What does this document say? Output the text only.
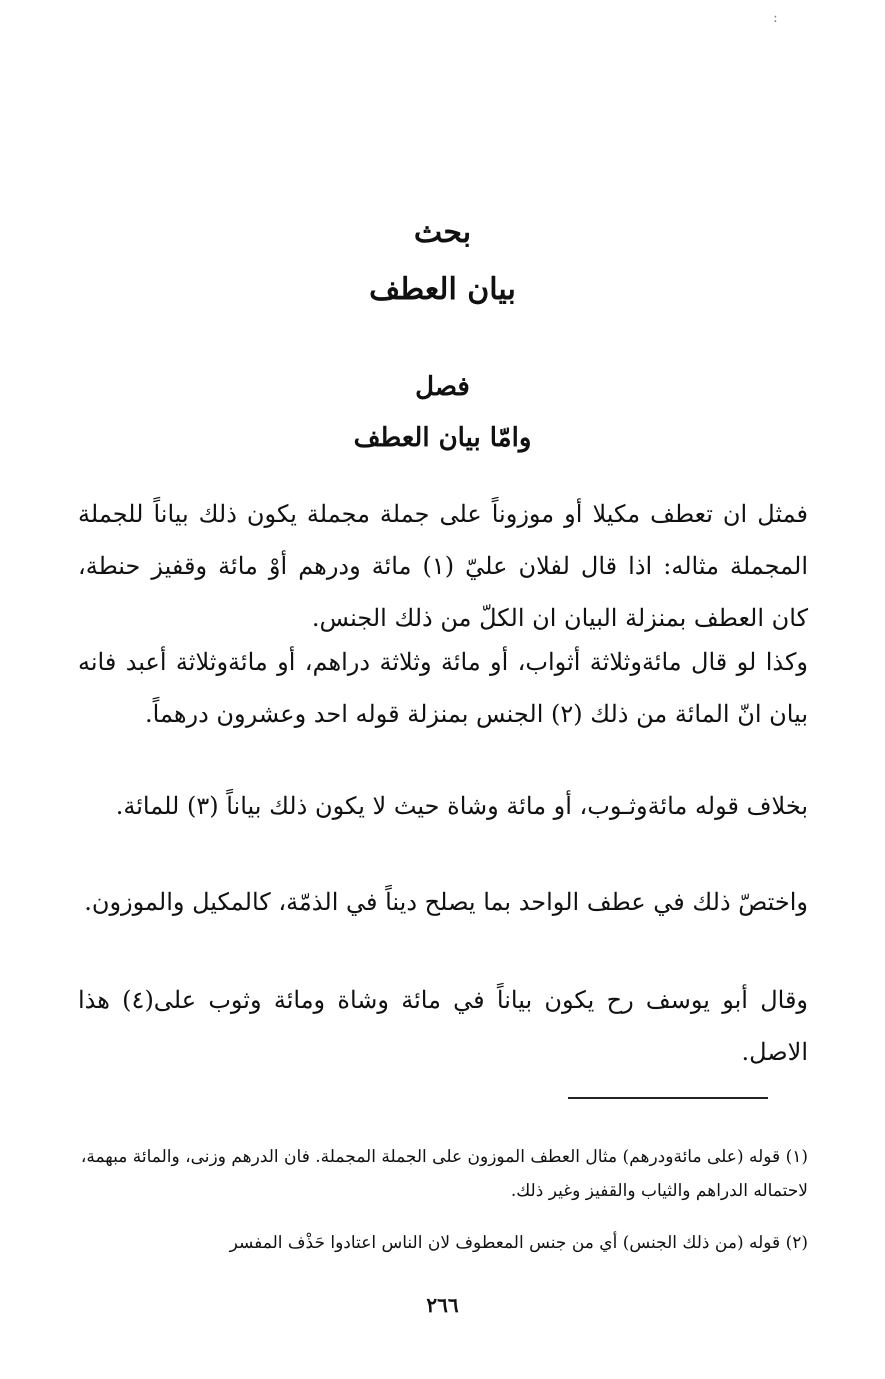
:
بحث
بيان العطف
فصل
وامّا بيان العطف

فمثل ان تعطف مكيلا أو موزوناً على جملة مجملة يكون ذلك بياناً للجملة المجملة مثاله: اذا قال لفلان عليّ (١) مائة ودرهم أوْ مائة وقفيز حنطة، كان العطف بمنزلة البيان ان الكلّ من ذلك الجنس.

وكذا لو قال مائةوثلاثة أثواب، أو مائة وثلاثة دراهم، أو مائةوثلاثة أعبد فانه بيان انّ المائة من ذلك (٢) الجنس بمنزلة قوله احد وعشرون درهماً.

بخلاف قوله مائةوثـوب، أو مائة وشاة حيث لا يكون ذلك بياناً (٣) للمائة.

واختصّ ذلك في عطف الواحد بما يصلح ديناً في الذمّة، كالمكيل والموزون.

وقال أبو يوسف رح يكون بياناً في مائة وشاة ومائة وثوب على(٤) هذا الاصل.

(١) قوله (على مائةودرهم) مثال العطف الموزون على الجملة المجملة. فان الدرهم وزنى، والمائة مبهمة، لاحتماله الدراهم والثياب والقفيز وغير ذلك.
(٢) قوله (من ذلك الجنس) أي من جنس المعطوف لان الناس اعتادوا حَذْف المفسر
٢٦٦
